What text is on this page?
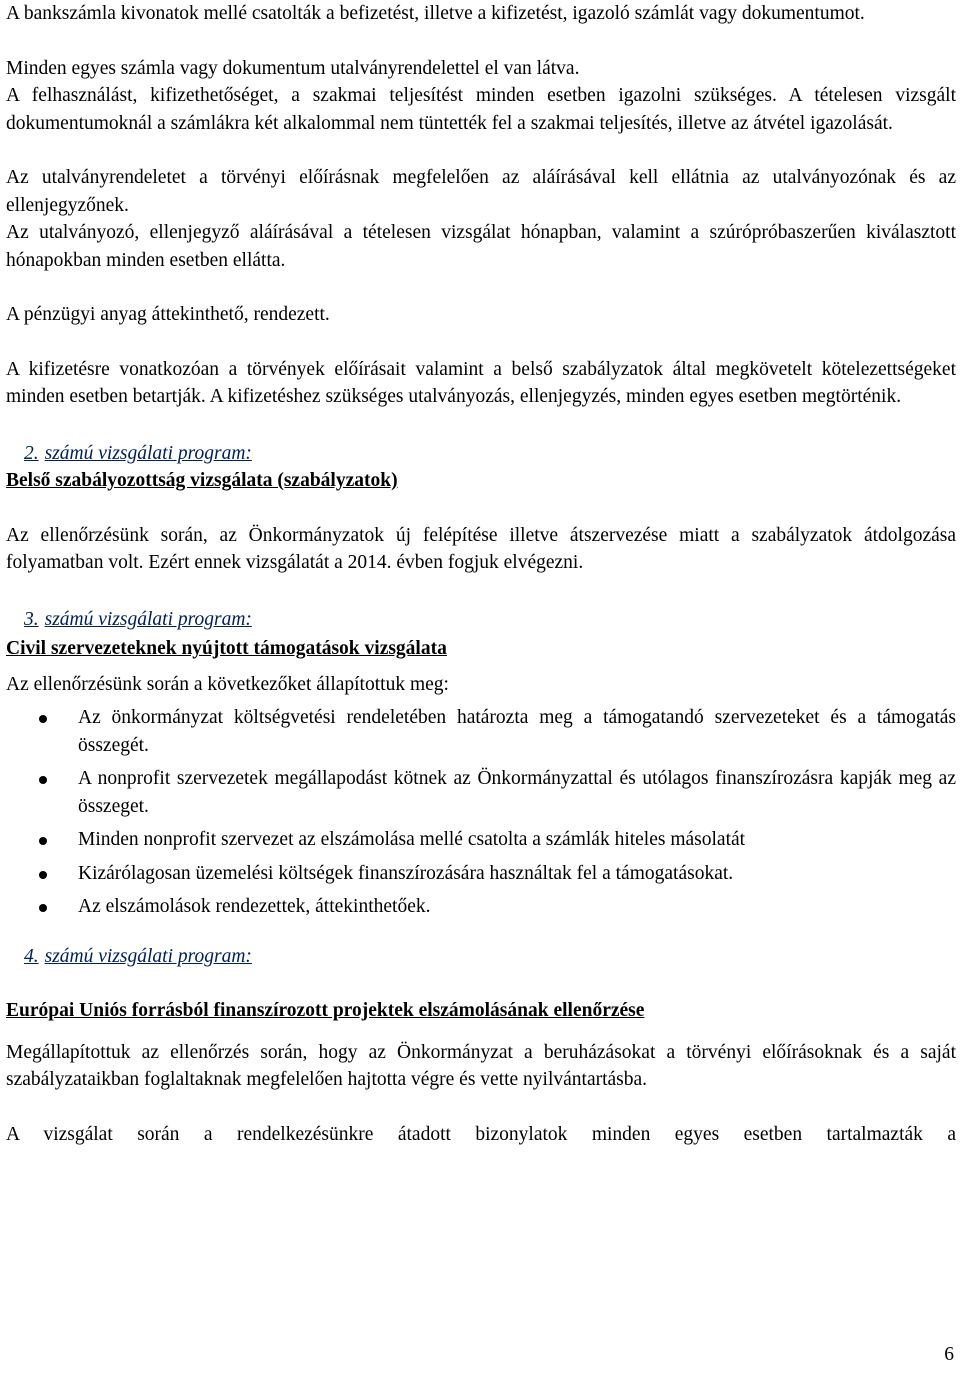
A bankszámla kivonatok mellé csatolták a befizetést, illetve a kifizetést, igazoló számlát vagy dokumentumot.

Minden egyes számla vagy dokumentum utalványrendelettel el van látva.

A felhasználást, kifizethetőséget, a szakmai teljesítést minden esetben igazolni szükséges. A tételesen vizsgált dokumentumoknál a számlákra két alkalommal nem tüntették fel a szakmai teljesítés, illetve az átvétel igazolását.

Az utalványrendeletet a törvényi előírásnak megfelelően az aláírásával kell ellátnia az utalványozónak és az ellenjegyzőnek.

Az utalványozó, ellenjegyző aláírásával a tételesen vizsgálat hónapban, valamint a szúrópróbaszerűen kiválasztott hónapokban minden esetben ellátta.

A pénzügyi anyag áttekinthető, rendezett.

A kifizetésre vonatkozóan a törvények előírásait valamint a belső szabályzatok által megkövetelt kötelezettségeket minden esetben betartják. A kifizetéshez szükséges utalványozás, ellenjegyzés, minden egyes esetben megtörténik.

2. számú vizsgálati program:

Belső szabályozottság vizsgálata (szabályzatok)

Az ellenőrzésünk során, az Önkormányzatok új felépítése illetve átszervezése miatt a szabályzatok átdolgozása folyamatban volt. Ezért ennek vizsgálatát a 2014. évben fogjuk elvégezni.

3. számú vizsgálati program:

Civil szervezeteknek nyújtott támogatások vizsgálata

Az ellenőrzésünk során a következőket állapítottuk meg:

Az önkormányzat költségvetési rendeletében határozta meg a támogatandó szervezeteket és a támogatás összegét.
A nonprofit szervezetek megállapodást kötnek az Önkormányzattal és utólagos finanszírozásra kapják meg az összeget.
Minden nonprofit szervezet az elszámolása mellé csatolta a számlák hiteles másolatát
Kizárólagosan üzemelési költségek finanszírozására használtak fel a támogatásokat.
Az elszámolások rendezettek, áttekinthetőek.

4. számú vizsgálati program:

Európai Uniós forrásból finanszírozott projektek elszámolásának ellenőrzése

Megállapítottuk az ellenőrzés során, hogy az Önkormányzat a beruházásokat a törvényi előírásoknak és a saját szabályzataikban foglaltaknak megfelelően hajtotta végre és vette nyilvántartásba.

A vizsgálat során a rendelkezésünkre átadott bizonylatok minden egyes esetben tartalmazták a

6
